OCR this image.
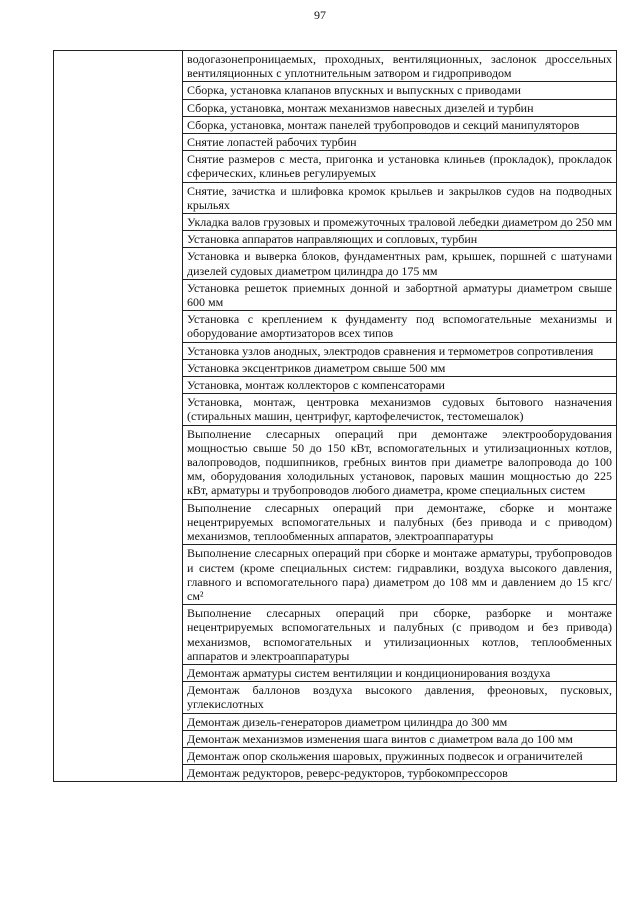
97

водогазонепроницаемых, проходных, вентиляционных, заслонок дроссельных вентиляционных с уплотнительным затвором и гидроприводом
Сборка, установка клапанов впускных и выпускных с приводами
Сборка, установка, монтаж механизмов навесных дизелей и турбин
Сборка, установка, монтаж панелей трубопроводов и секций манипуляторов
Снятие лопастей рабочих турбин
Снятие размеров с места, пригонка и установка клиньев (прокладок), прокладок сферических, клиньев регулируемых
Снятие, зачистка и шлифовка кромок крыльев и закрылков судов на подводных крыльях
Укладка валов грузовых и промежуточных траловой лебедки диаметром до 250 мм
Установка аппаратов направляющих и сопловых, турбин
Установка и выверка блоков, фундаментных рам, крышек, поршней с шатунами дизелей судовых диаметром цилиндра до 175 мм
Установка решеток приемных донной и забортной арматуры диаметром свыше 600 мм
Установка с креплением к фундаменту под вспомогательные механизмы и оборудование амортизаторов всех типов
Установка узлов анодных, электродов сравнения и термометров сопротивления
Установка эксцентриков диаметром свыше 500 мм
Установка, монтаж коллекторов с компенсаторами
Установка, монтаж, центровка механизмов судовых бытового назначения (стиральных машин, центрифуг, картофелечисток, тестомешалок)
Выполнение слесарных операций при демонтаже электрооборудования мощностью свыше 50 до 150 кВт, вспомогательных и утилизационных котлов, валопроводов, подшипников, гребных винтов при диаметре валопровода до 100 мм, оборудования холодильных установок, паровых машин мощностью до 225 кВт, арматуры и трубопроводов любого диаметра, кроме специальных систем
Выполнение слесарных операций при демонтаже, сборке и монтаже нецентрируемых вспомогательных и палубных (без привода и с приводом) механизмов, теплообменных аппаратов, электроаппаратуры
Выполнение слесарных операций при сборке и монтаже арматуры, трубопроводов и систем (кроме специальных систем: гидравлики, воздуха высокого давления, главного и вспомогательного пара) диаметром до 108 мм и давлением до 15 кгс/см²
Выполнение слесарных операций при сборке, разборке и монтаже нецентрируемых вспомогательных и палубных (с приводом и без привода) механизмов, вспомогательных и утилизационных котлов, теплообменных аппаратов и электроаппаратуры
Демонтаж арматуры систем вентиляции и кондиционирования воздуха
Демонтаж баллонов воздуха высокого давления, фреоновых, пусковых, углекислотных
Демонтаж дизель-генераторов диаметром цилиндра до 300 мм
Демонтаж механизмов изменения шага винтов с диаметром вала до 100 мм
Демонтаж опор скольжения шаровых, пружинных подвесок и ограничителей
Демонтаж редукторов, реверс-редукторов, турбокомпрессоров
